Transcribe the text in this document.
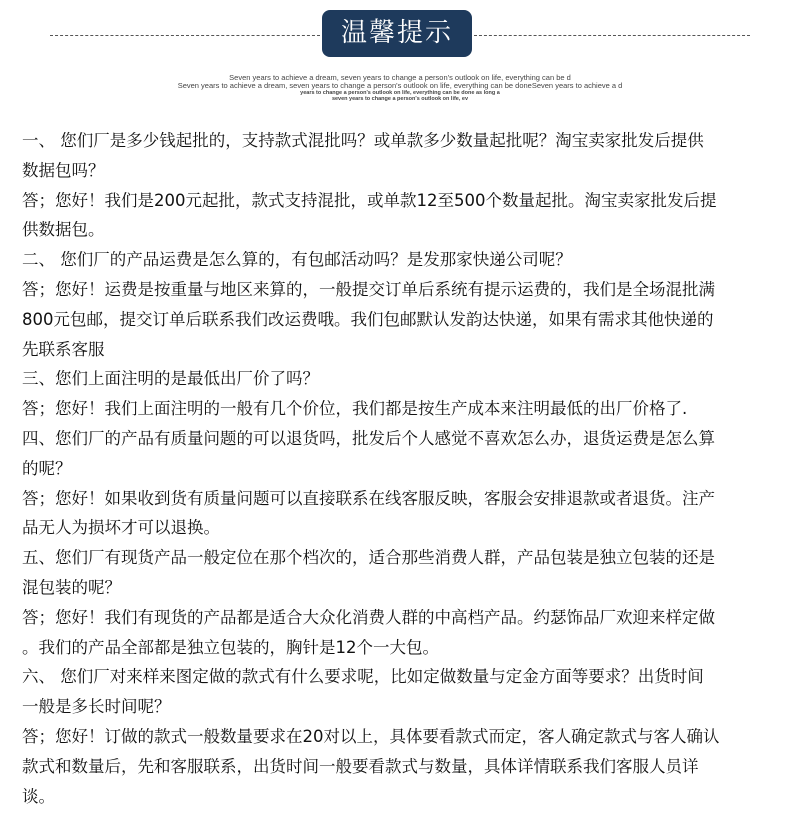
温馨提示
Seven years to achieve a dream, seven years to change a person's outlook on life, everything can be d
Seven years to achieve a dream, seven years to change a person's outlook on life, everything can be doneSeven years to achieve a d
years to change a person's outlook on life, everything can be done as long a
seven years to change a person's outlook on life, ev
一、 您们厂是多少钱起批的，支持款式混批吗？或单款多少数量起批呢？淘宝卖家批发后提供
数据包吗？
答；您好！我们是200元起批，款式支持混批，或单款12至500个数量起批。淘宝卖家批发后提
供数据包。
二、 您们厂的产品运费是怎么算的，有包邮活动吗？是发那家快递公司呢？
答；您好！运费是按重量与地区来算的，一般提交订单后系统有提示运费的，我们是全场混批满
800元包邮，提交订单后联系我们改运费哦。我们包邮默认发韵达快递，如果有需求其他快递的
先联系客服
三、您们上面注明的是最低出厂价了吗？
答；您好！我们上面注明的一般有几个价位，我们都是按生产成本来注明最低的出厂价格了.
四、您们厂的产品有质量问题的可以退货吗，批发后个人感觉不喜欢怎么办，退货运费是怎么算
的呢？
答；您好！如果收到货有质量问题可以直接联系在线客服反映，客服会安排退款或者退货。注产
品无人为损坏才可以退换。
五、您们厂有现货产品一般定位在那个档次的，适合那些消费人群，产品包装是独立包装的还是
混包装的呢？
答；您好！我们有现货的产品都是适合大众化消费人群的中高档产品。约瑟饰品厂欢迎来样定做
。我们的产品全部都是独立包装的，胸针是12个一大包。
六、 您们厂对来样来图定做的款式有什么要求呢，比如定做数量与定金方面等要求？出货时间
一般是多长时间呢？
答；您好！订做的款式一般数量要求在20对以上，具体要看款式而定，客人确定款式与客人确认
款式和数量后，先和客服联系，出货时间一般要看款式与数量，具体详情联系我们客服人员详
谈。
